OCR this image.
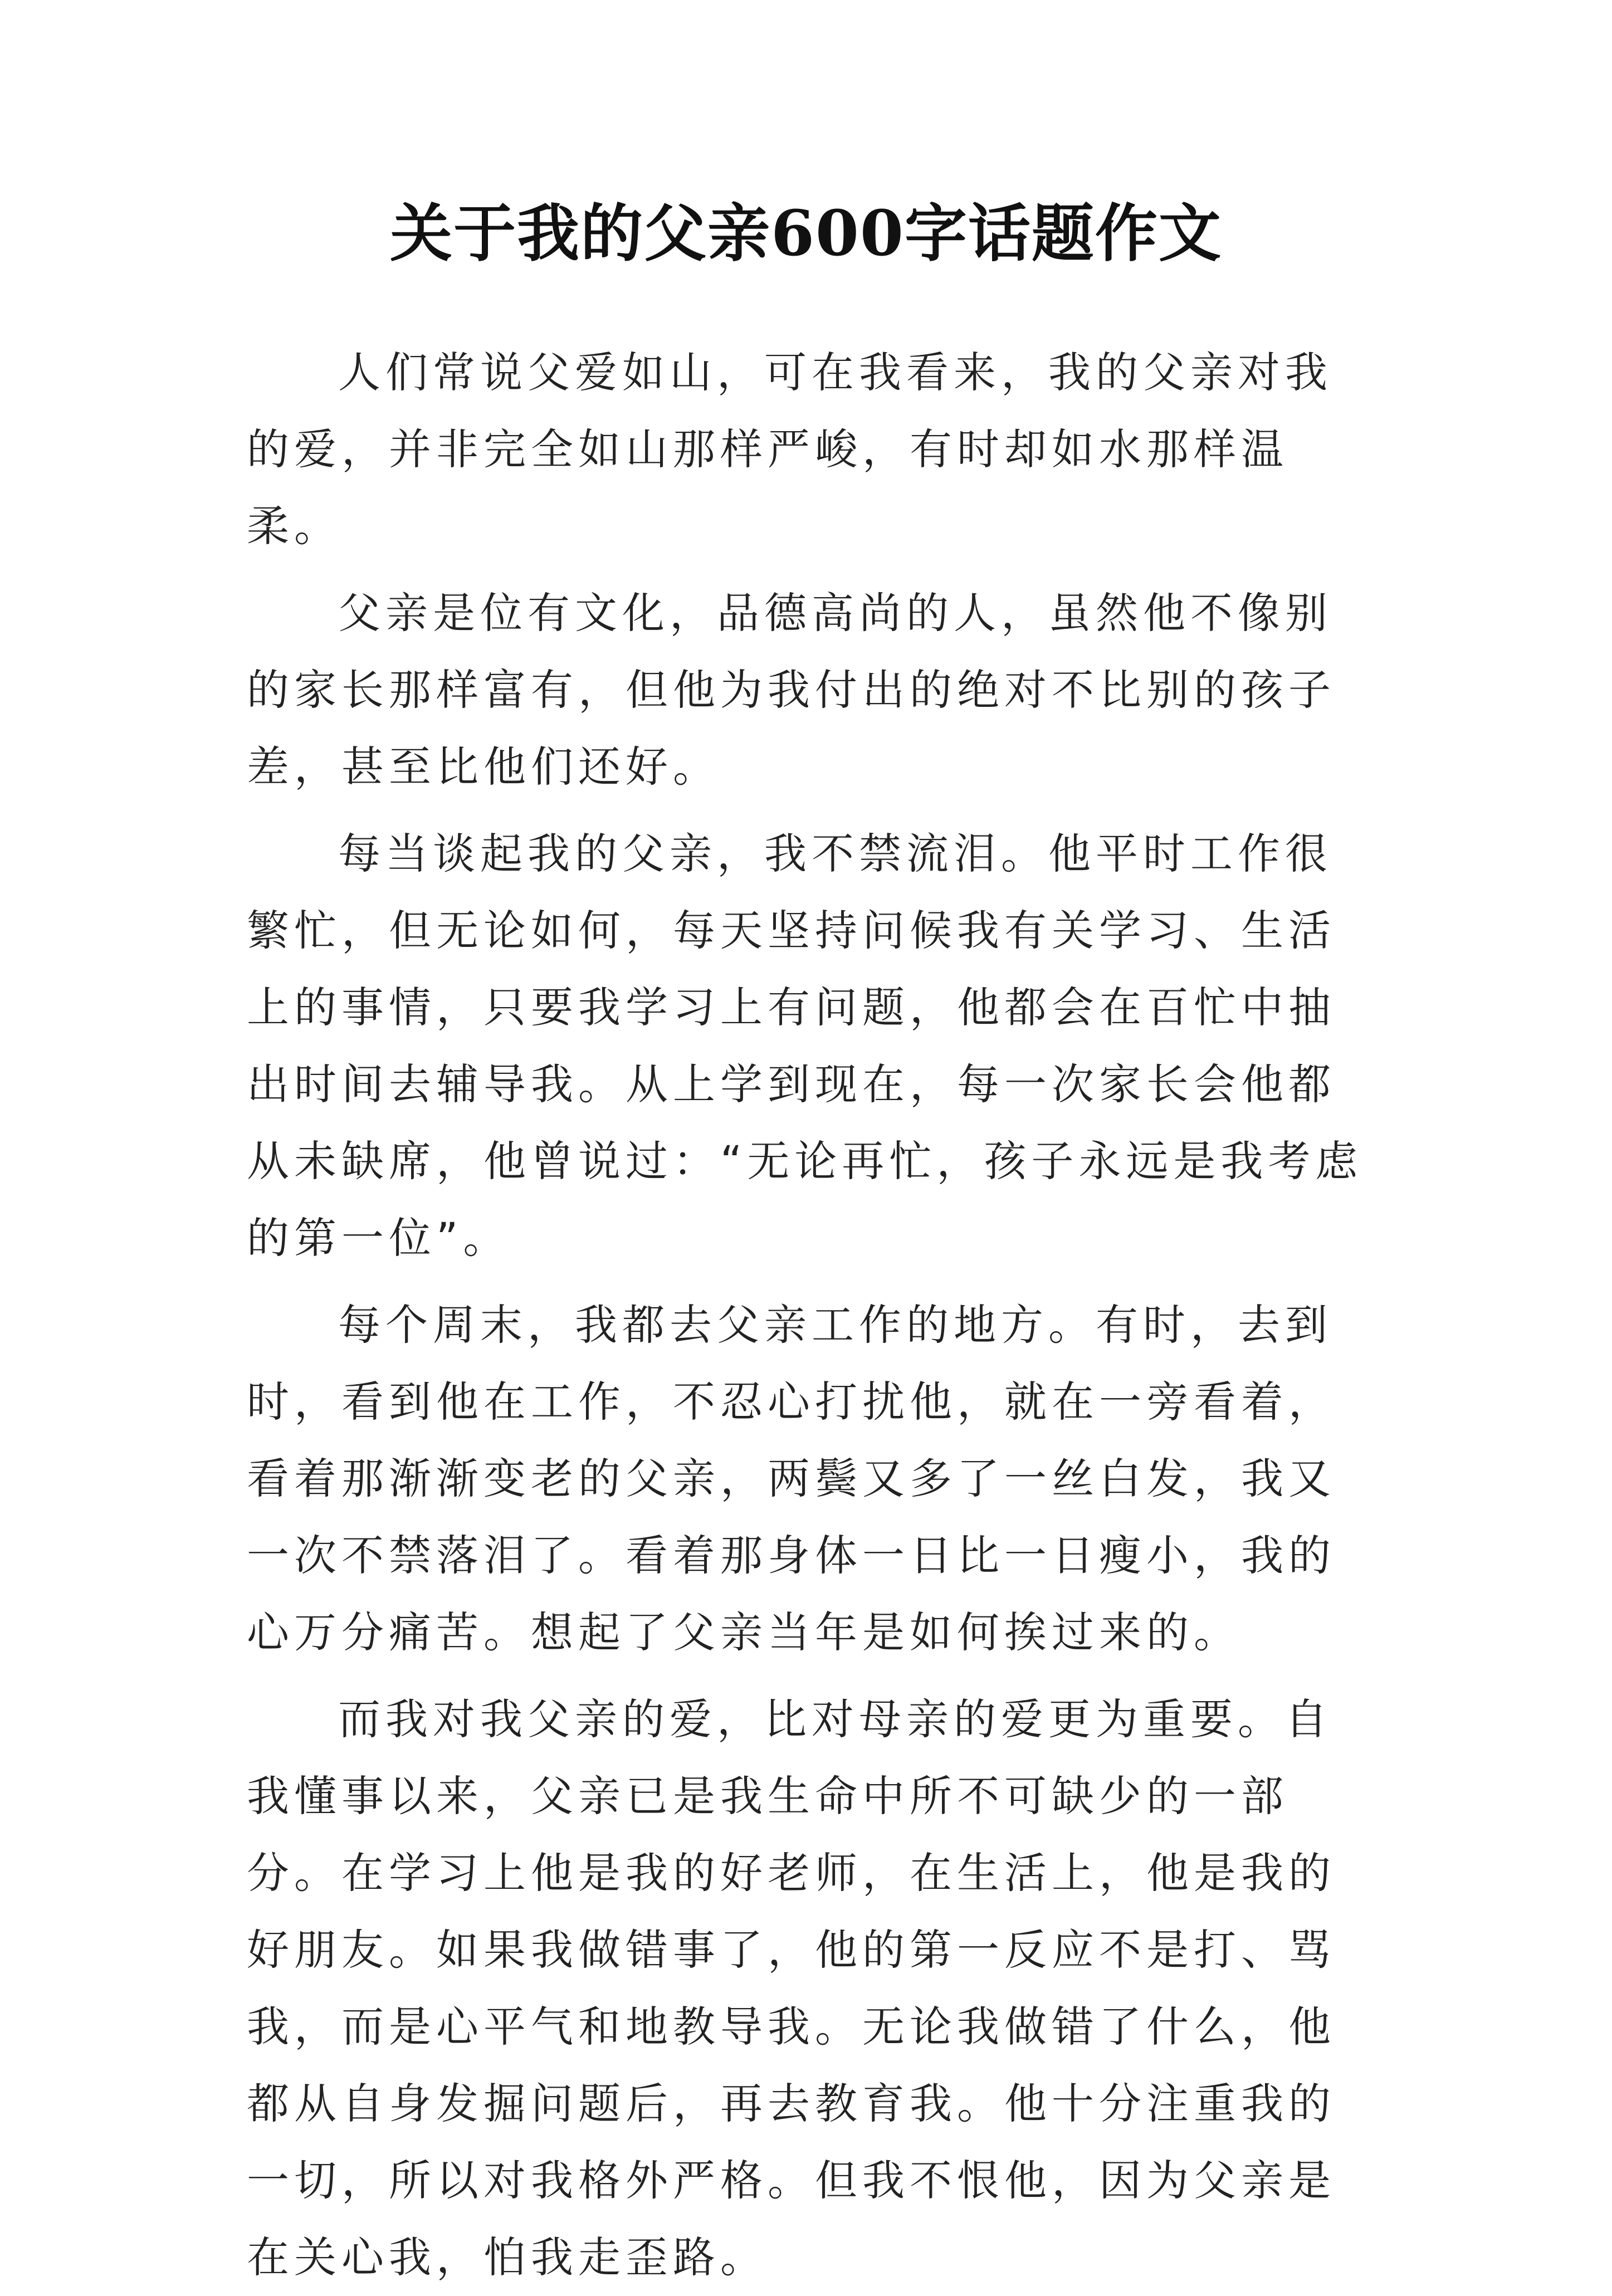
关于我的父亲600字话题作文

人们常说父爱如山，可在我看来，我的父亲对我的爱，并非完全如山那样严峻，有时却如水那样温柔。

父亲是位有文化，品德高尚的人，虽然他不像别的家长那样富有，但他为我付出的绝对不比别的孩子差，甚至比他们还好。

每当谈起我的父亲，我不禁流泪。他平时工作很繁忙，但无论如何，每天坚持问候我有关学习、生活上的事情，只要我学习上有问题，他都会在百忙中抽出时间去辅导我。从上学到现在，每一次家长会他都从未缺席，他曾说过：“无论再忙，孩子永远是我考虑的第一位”。

每个周末，我都去父亲工作的地方。有时，去到时，看到他在工作，不忍心打扰他，就在一旁看着，看着那渐渐变老的父亲，两鬓又多了一丝白发，我又一次不禁落泪了。看着那身体一日比一日瘦小，我的心万分痛苦。想起了父亲当年是如何挨过来的。

而我对我父亲的爱，比对母亲的爱更为重要。自我懂事以来，父亲已是我生命中所不可缺少的一部分。在学习上他是我的好老师，在生活上，他是我的好朋友。如果我做错事了，他的第一反应不是打、骂我，而是心平气和地教导我。无论我做错了什么，他都从自身发掘问题后，再去教育我。他十分注重我的一切，所以对我格外严格。但我不恨他，因为父亲是在关心我，怕我走歪路。
